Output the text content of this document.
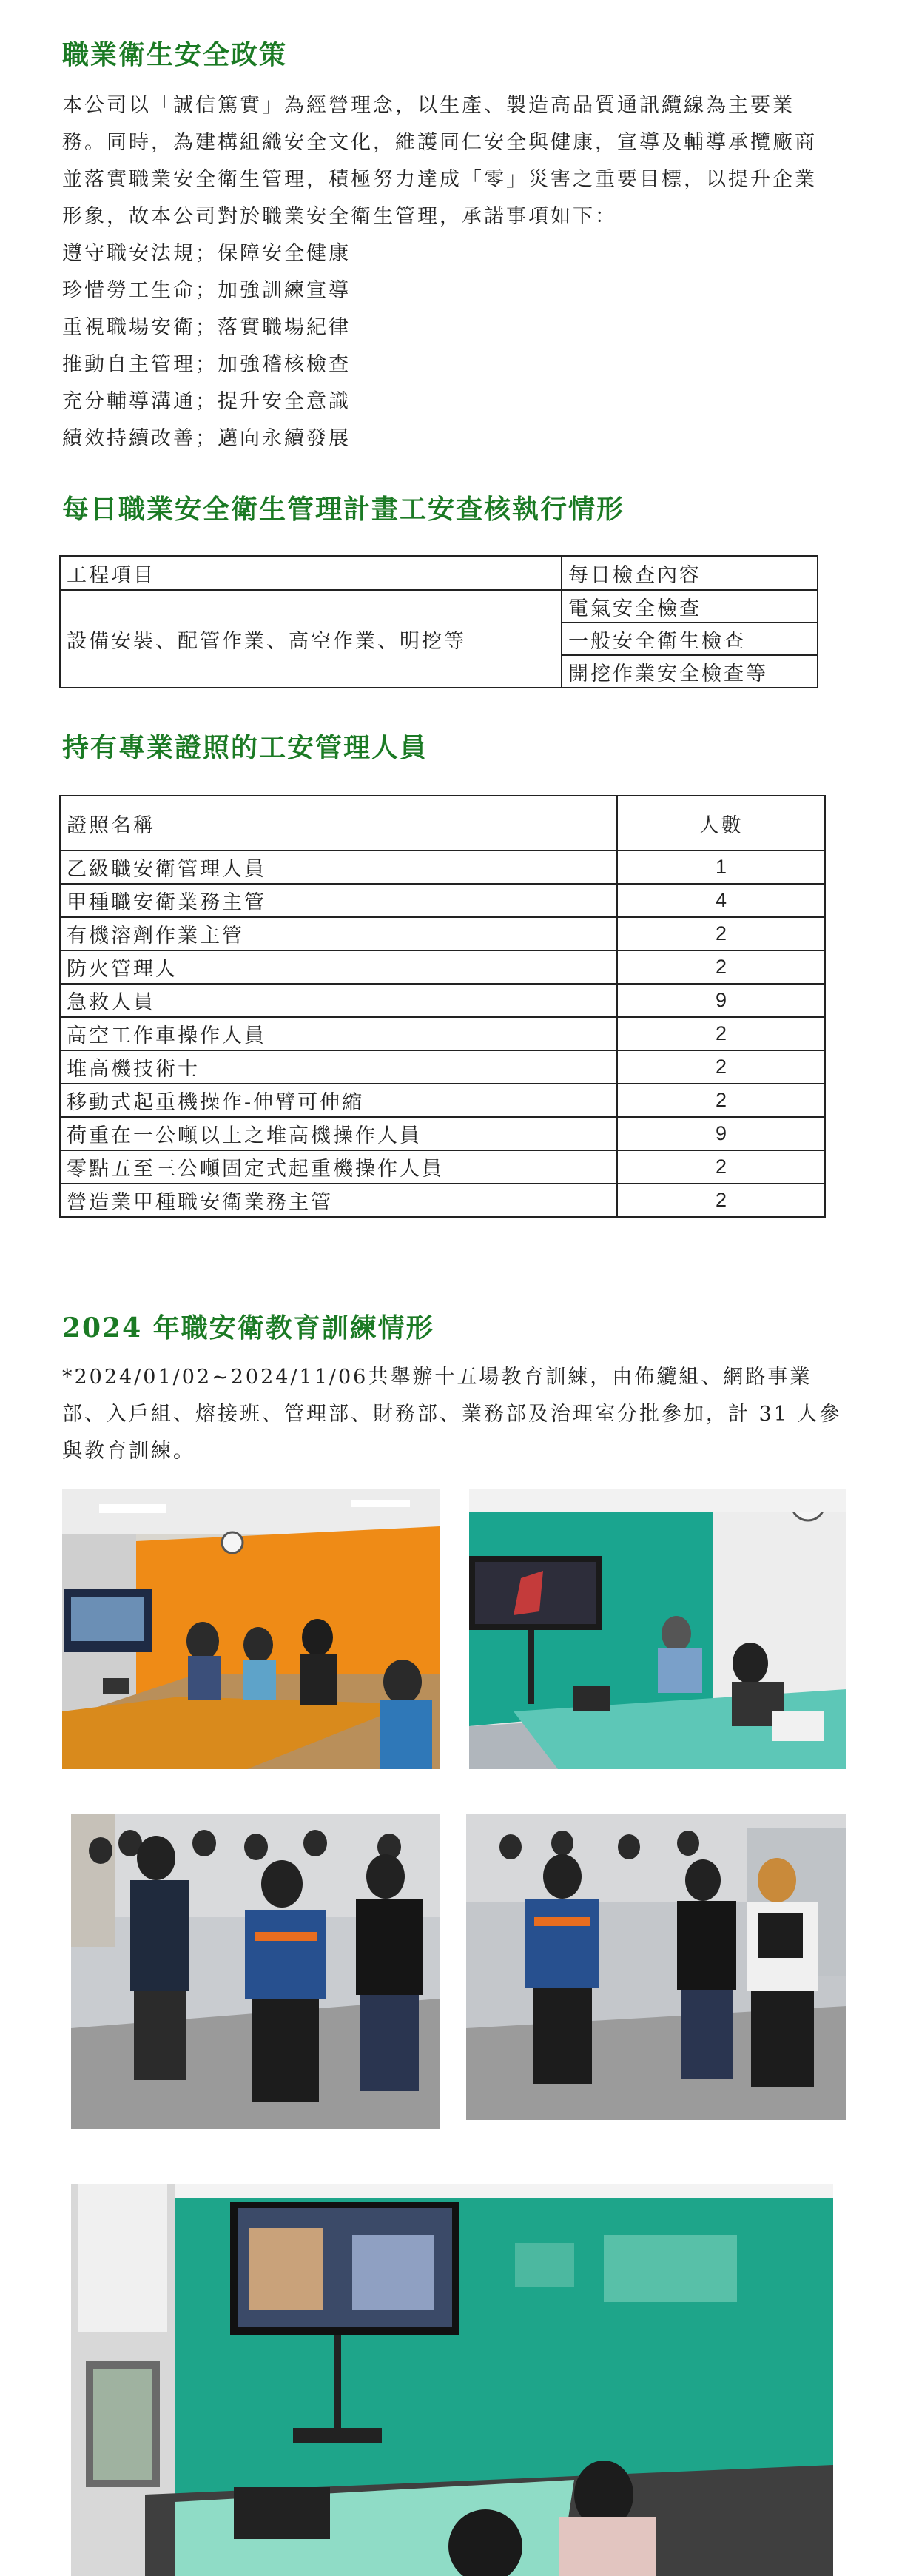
職業衛生安全政策

本公司以「誠信篤實」為經營理念，以生產、製造高品質通訊纜線為主要業務。同時，為建構組織安全文化，維護同仁安全與健康，宣導及輔導承攬廠商並落實職業安全衛生管理，積極努力達成「零」災害之重要目標，以提升企業形象，故本公司對於職業安全衛生管理，承諾事項如下：

遵守職安法規；保障安全健康

珍惜勞工生命；加強訓練宣導

重視職場安衛；落實職場紀律

推動自主管理；加強稽核檢查

充分輔導溝通；提升安全意識

績效持續改善；邁向永續發展

每日職業安全衛生管理計畫工安查核執行情形
工程項目	每日檢查內容
設備安裝、配管作業、高空作業、明挖等	電氣安全檢查
	一般安全衛生檢查
	開挖作業安全檢查等
持有專業證照的工安管理人員
證照名稱	人數
乙級職安衛管理人員	1
甲種職安衛業務主管	4
有機溶劑作業主管	2
防火管理人	2
急救人員	9
高空工作車操作人員	2
堆高機技術士	2
移動式起重機操作-伸臂可伸縮	2
荷重在一公噸以上之堆高機操作人員	9
零點五至三公噸固定式起重機操作人員	2
營造業甲種職安衛業務主管	2
2024 年職安衛教育訓練情形
*2024/01/02~2024/11/06共舉辦十五場教育訓練，由佈纜組、網路事業部、入戶組、熔接班、管理部、財務部、業務部及治理室分批參加，計 31 人參與教育訓練。
